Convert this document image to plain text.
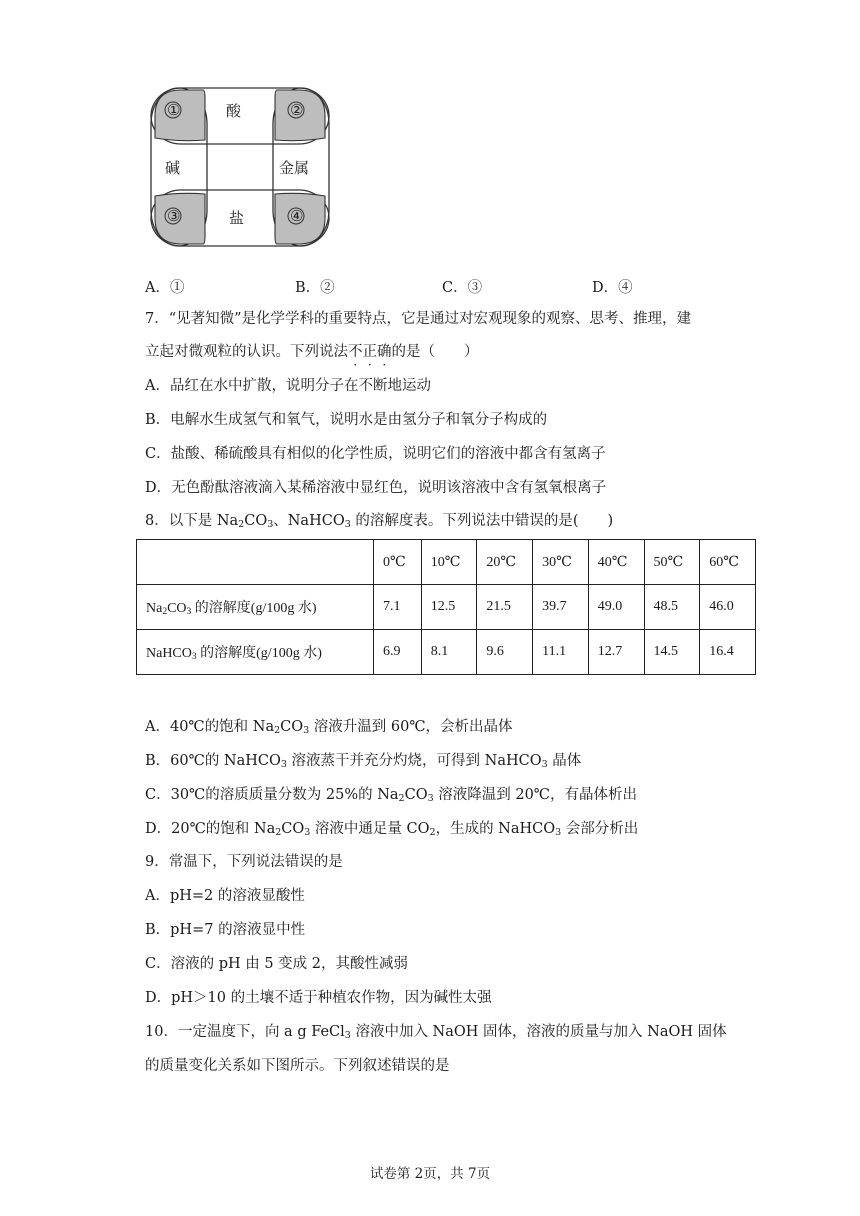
①	②
③	④
酸
碱	金属
盐
A．①	B．②	C．③	D．④
7．“见著知微”是化学学科的重要特点，它是通过对宏观现象的观察、思考、推理，建
立起对微观粒的认识。下列说法不正确的是（　　）
A．品红在水中扩散，说明分子在不断地运动
B．电解水生成氢气和氧气，说明水是由氢分子和氧分子构成的
C．盐酸、稀硫酸具有相似的化学性质，说明它们的溶液中都含有氢离子
D．无色酚酞溶液滴入某稀溶液中显红色，说明该溶液中含有氢氧根离子
8．以下是 $Na_2CO_3$、NaHCO$_3$ 的溶解度表。下列说法中错误的是(　　)
	0℃	10℃	20℃	30℃	40℃	50℃	60℃
$Na_2CO_3$ 的溶解度(g/100g 水)	7.1	12.5	21.5	39.7	49.0	48.5	46.0
NaHCO$_3$ 的溶解度(g/100g 水)	6.9	8.1	9.6	11.1	12.7	14.5	16.4
A．40℃的饱和 $Na_2CO_3$ 溶液升温到 60℃，会析出晶体
B．60℃的 NaHCO$_3$ 溶液蒸干并充分灼烧，可得到 NaHCO$_3$ 晶体
C．30℃的溶质质量分数为 25%的 $Na_2CO_3$ 溶液降温到 20℃，有晶体析出
D．20℃的饱和 $Na_2CO_3$ 溶液中通足量 $CO_2$，生成的 NaHCO$_3$ 会部分析出
9．常温下，下列说法错误的是
A．pH=2 的溶液显酸性
B．pH=7 的溶液显中性
C．溶液的 pH 由 5 变成 2，其酸性减弱
D．pH＞10 的土壤不适于种植农作物，因为碱性太强
10．一定温度下，向 a g FeCl$_3$ 溶液中加入 NaOH 固体，溶液的质量与加入 NaOH 固体
的质量变化关系如下图所示。下列叙述错误的是
试卷第 2页，共 7页
